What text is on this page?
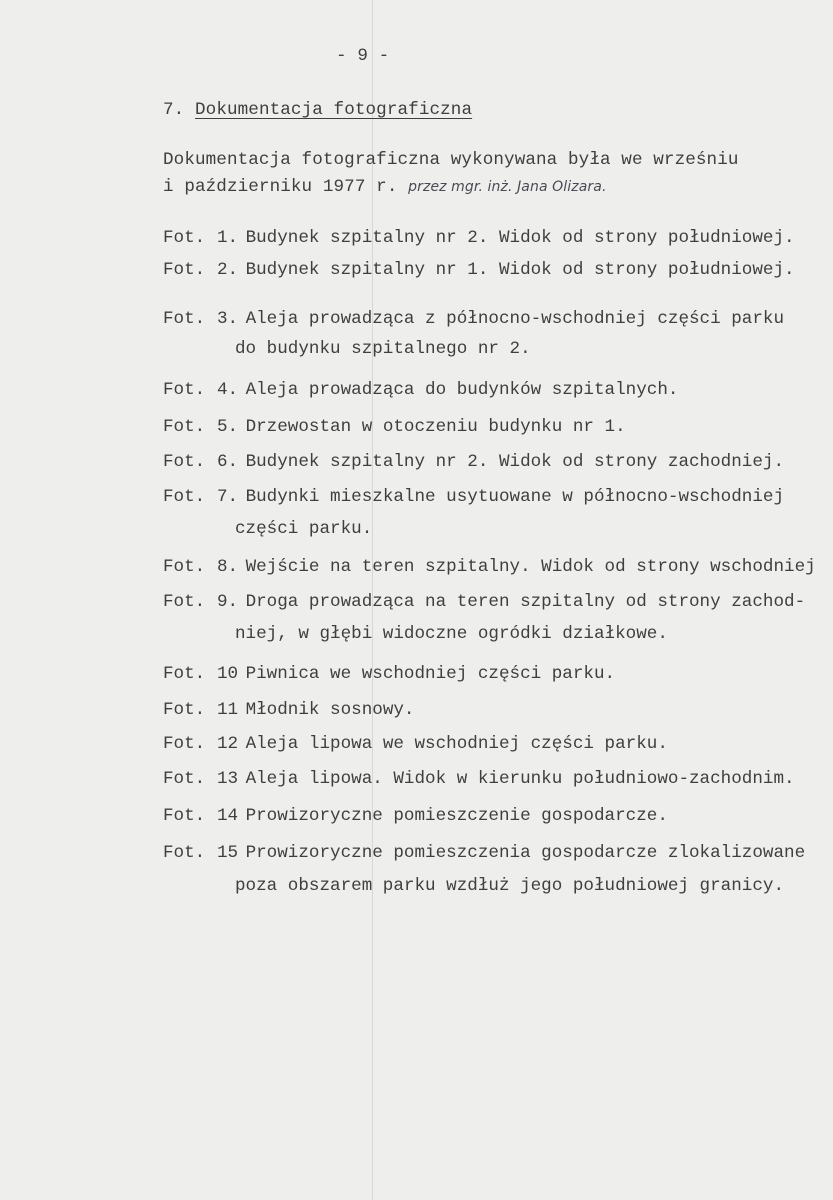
- 9 -
7. Dokumentacja fotograficzna
Dokumentacja fotograficzna wykonywana była we wrześniu
i październiku 1977 r. przez mgr. inż. Jana Olizara.
Fot. 1. Budynek szpitalny nr 2. Widok od strony południowej.
Fot. 2. Budynek szpitalny nr 1. Widok od strony południowej.
Fot. 3. Aleja prowadząca z północno-wschodniej części parku
do budynku szpitalnego nr 2.
Fot. 4. Aleja prowadząca do budynków szpitalnych.
Fot. 5. Drzewostan w otoczeniu budynku nr 1.
Fot. 6. Budynek szpitalny nr 2. Widok od strony zachodniej.
Fot. 7. Budynki mieszkalne usytuowane w północno-wschodniej
części parku.
Fot. 8. Wejście na teren szpitalny. Widok od strony wschodniej
Fot. 9. Droga prowadząca na teren szpitalny od strony zachod-
niej, w głębi widoczne ogródki działkowe.
Fot. 10 Piwnica we wschodniej części parku.
Fot. 11 Młodnik sosnowy.
Fot. 12 Aleja lipowa we wschodniej części parku.
Fot. 13 Aleja lipowa. Widok w kierunku południowo-zachodnim.
Fot. 14 Prowizoryczne pomieszczenie gospodarcze.
Fot. 15 Prowizoryczne pomieszczenia gospodarcze zlokalizowane
poza obszarem parku wzdłuż jego południowej granicy.
